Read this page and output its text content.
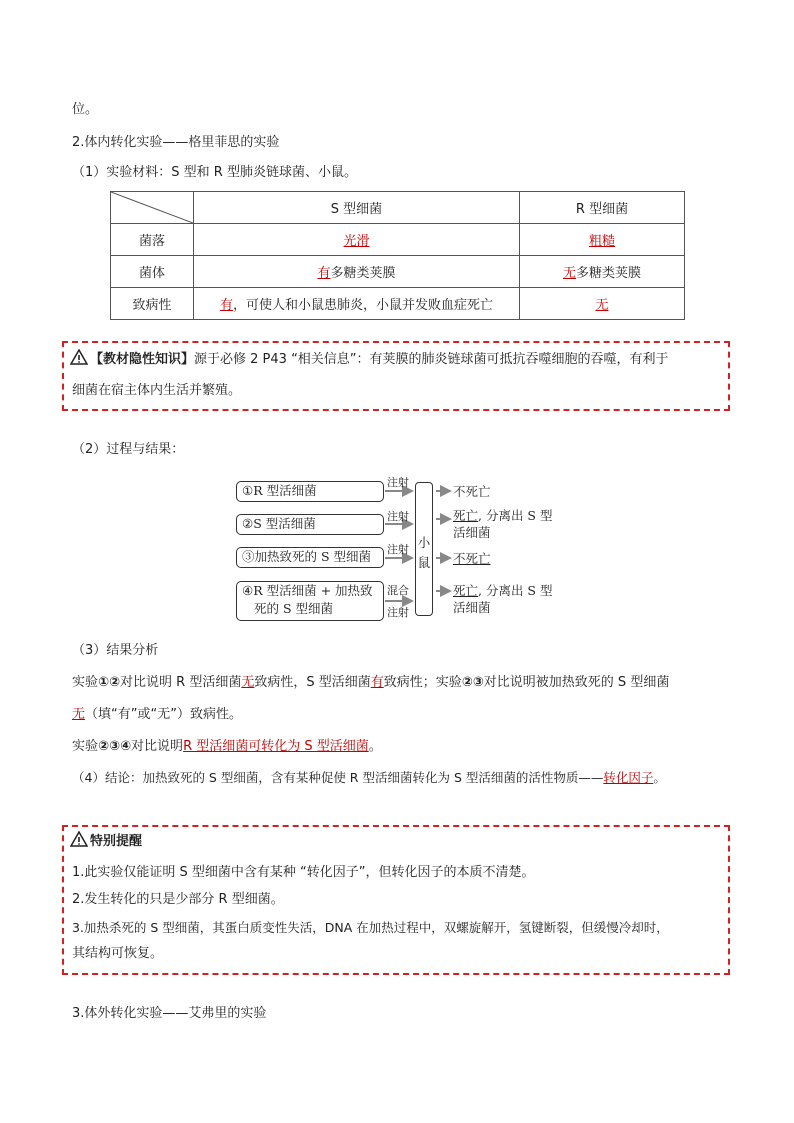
位。
2.体内转化实验——格里菲思的实验
（1）实验材料：S 型和 R 型肺炎链球菌、小鼠。
	S 型细菌	R 型细菌
菌落	光滑	粗糙
菌体	有多糖类荚膜	无多糖类荚膜
致病性	有，可使人和小鼠患肺炎，小鼠并发败血症死亡	无
【教材隐性知识】源于必修 2 P43 “相关信息”：有荚膜的肺炎链球菌可抵抗吞噬细胞的吞噬，有利于
细菌在宿主体内生活并繁殖。
（2）过程与结果：
①R 型活细菌
②S 型活细菌
③加热致死的 S 型细菌
④R 型活细菌 + 加热致
死的 S 型细菌
注射
注射
注射
混合
注射
小
鼠
不死亡
死亡, 分离出 S 型
活细菌
不死亡
死亡, 分离出 S 型
活细菌
（3）结果分析
实验①②对比说明 R 型活细菌无致病性，S 型活细菌有致病性；实验②③对比说明被加热致死的 S 型细菌
无（填“有”或“无”）致病性。
实验②③④对比说明R 型活细菌可转化为 S 型活细菌。
（4）结论：加热致死的 S 型细菌，含有某种促使 R 型活细菌转化为 S 型活细菌的活性物质——转化因子。
特别提醒
1.此实验仅能证明 S 型细菌中含有某种 “转化因子”，但转化因子的本质不清楚。
2.发生转化的只是少部分 R 型细菌。
3.加热杀死的 S 型细菌，其蛋白质变性失活，DNA 在加热过程中，双螺旋解开，氢键断裂，但缓慢冷却时，
其结构可恢复。
3.体外转化实验——艾弗里的实验
